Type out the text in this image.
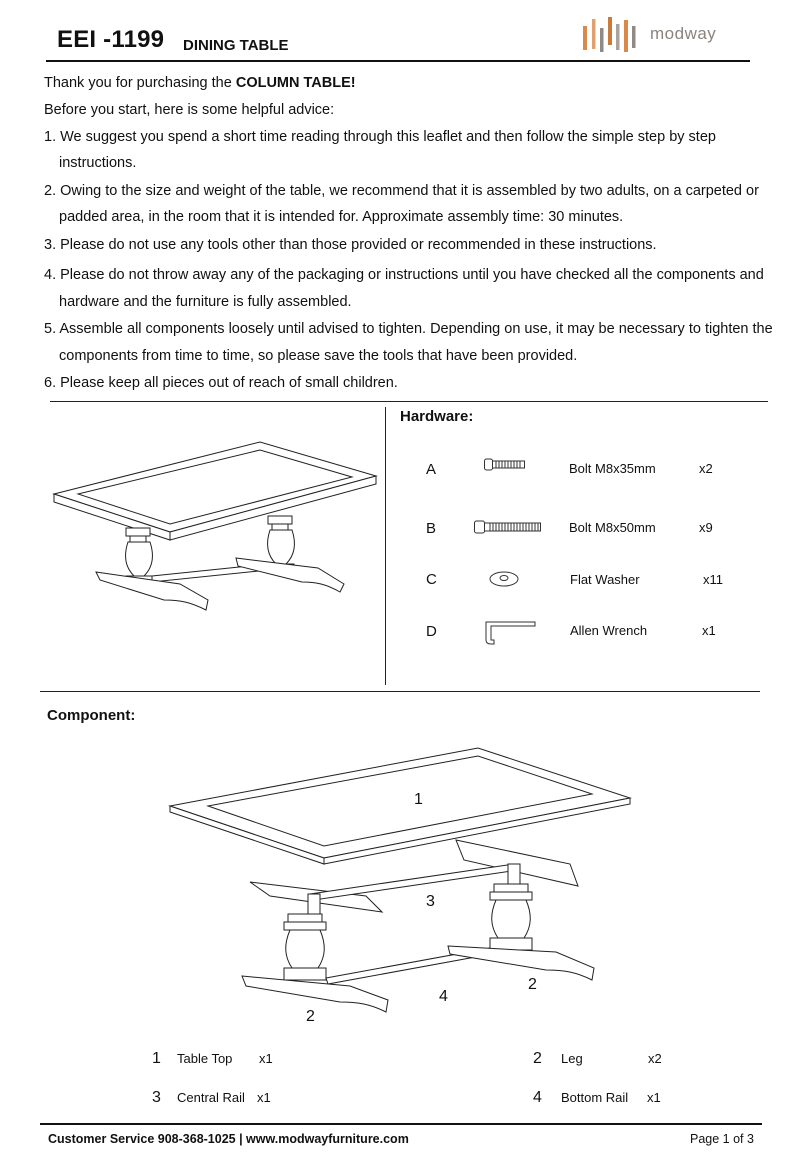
EEI -1199 DINING TABLE
modway
Thank you for purchasing the COLUMN TABLE!
Before you start, here is some helpful advice:
1. We suggest you spend a short time reading through this leaflet and then follow the simple step by step
instructions.
2. Owing to the size and weight of the table, we recommend that it is assembled by two adults, on a carpeted or
padded area, in the room that it is intended for. Approximate assembly time: 30 minutes.
3. Please do not use any tools other than those provided or recommended in these instructions.
4. Please do not throw away any of the packaging or instructions until you have checked all the components and
hardware and the furniture is fully assembled.
5. Assemble all components loosely until advised to tighten. Depending on use, it may be necessary to tighten the
components from time to time, so please save the tools that have been provided.
6. Please keep all pieces out of reach of small children.
Hardware:
A	Bolt M8x35mm	x2
B	Bolt M8x50mm	x9
C	Flat Washer	x11
D	Allen Wrench	x1
Component:
1
3
2
4
2
1 Table Top x1	2 Leg	x2
3 Central Rail x1	4 Bottom Rail x1
Customer Service 908-368-1025 | www.modwayfurniture.com	Page 1 of 3
